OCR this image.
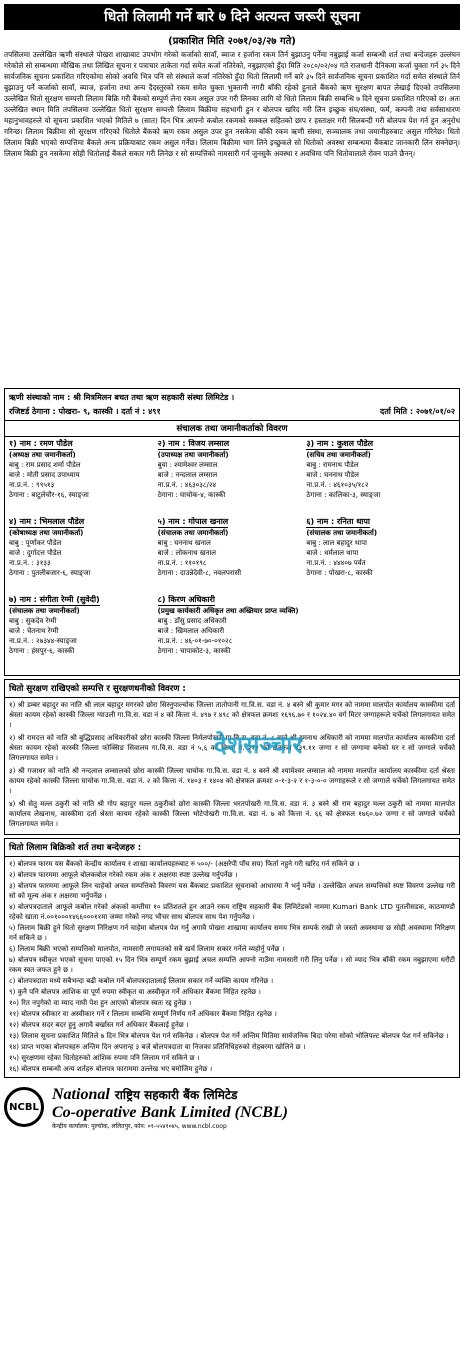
धितो लिलामी गर्ने बारे ७ दिने अत्यन्त जरूरी सूचना
(प्रकाशित मिति २०७१/०३/२७ गते)
तपसिलमा उल्लेखित ऋणी संस्थाले पोखरा शाखाबाट उपभोग गरेको कर्जाको सावाँ, ब्याज र हर्जाना रकम तिर्न बुझाउनु पर्नेमा नबुझाई कर्जा सम्बन्धी शर्त तथा बन्देजहरु उल्लंघन गरेकोले सो सम्बन्धमा मौखिक तथा लिखित सूचना र पत्राचार ताकेता गर्दा समेत कर्जा नतिरेको, नबुझाएको हुँदा मिति २०८०/०२/०४ गते राजधानी दैनिकमा कर्जा चुक्ता गर्न ३५ दिने सार्वजनिक सूचना प्रकाशित गरिएकोमा सोको अवधि भित्र पनि सो संस्थाले कर्जा नतिरेको हुँदा धितो लिलामी गर्ने बारे ३५ दिने सार्वजनिक सूचना प्रकाशित गर्दा समेत संस्थाले तिर्न बुझाउनु पर्ने कर्जाको सावाँ, ब्याज, हर्जाना तथा अन्य दैदस्तुरको रकम समेत चुक्ता भुक्तानी नगरी बाँकी रहेको हुनाले बैंकको ऋण सुरक्षण बापत लेखाई दिएको तपसिलमा उल्लेखित धितो सुरक्षण सम्पत्ती लिलाम बिक्रि गरी बैंकको सम्पूर्ण लेना रकम असुल उपर गरी लिनका लागि यो धितो लिलाम बिक्री सम्बन्धि ७ दिने सूचना प्रकाशित गरिएको छ। अतः उल्लेखित स्थान मिति तपसिलमा उल्लेखित धितो सुरक्षण सम्पत्ती लिलाम बिक्रीमा सहभागी हुन र बोलपत्र खरिद गरी लिन इच्छुक संघ/संस्था, फर्म, कम्पनी तथा सर्वसाधारण महानुभावहरुले यो सूचना प्रकाशित भएको मितिले ७ (सात) दिन भित्र आफ्नो कबोल रकमको सक्कल सहितको छाप र हस्ताक्षर गरी सिलबन्दी गरी बोलपत्र पेश गर्न हुन अनुरोध गरिन्छ। लिलाम बिक्रीमा सो सुरक्षण गरिएको धितोले बैंकको ऋण रकम असुल उपर हुन नसकेमा बाँकी रकम ऋणी संस्था, सञ्चालक तथा जमानीहरुबाट असुल गरिनेछ। धितो लिलाम बिक्री भएको सम्पत्तिमा बैंकले अन्य प्रक्रियाबाट रकम असुल गर्नेछ। लिलाम बिक्रीमा भाग लिने इच्छुकले सो धितोको अवस्था सम्बन्धमा बैंकबाट जानकारी लिन सक्नेछन्। लिलाम बिक्री हुन नसकेमा सोही धितोलाई बैंकले सकार गरी लिनेछ र सो सम्पत्तिको नामसारी गर्न जुनसुकै अवस्था र अवधिमा पनि धितोवालाले रोक्न पाउने छैनन्।
ऋणी संस्थाको नाम : श्री मित्रमिलन बचत तथा ऋण सहकारी संस्था लिमिटेड ।
रजिष्टर्ड ठेगाना : पोखरा- ९, कास्की । दर्ता नं : ४९१	दर्ता मिति : २०७१/०१/०२
संचालक तथा जमानीकर्ताको विवरण
१) नाम : रमण पौडेल
(अध्यक्ष तथा जमानीकर्ता)
बाबु : राम प्रसाद शर्मा पौडेल
बाजे : मोती प्रसाद उपाध्याय
ना.प्र.नं. : ९९५१३
ठेगाना : बाटुलेचौर-१६, स्याङ्जा
२) नाम : विजय लम्साल
(उपाध्यक्ष तथा जमानीकर्ता)
बुवा : श्यामेश्वर लम्साल
बाजे : नन्दलाल लम्साल
ना.प्र.नं. : ४६३०३८/२४
ठेगाना : घाचोक-४, कास्की
३) नाम : कुशल पौडेल
(सचिव तथा जमानीकर्ता)
बाबु : रामनाथ पौडेल
बाजे : घननाथ पौडेल
ना.प्र.नं. : ४६१०३५/१८२
ठेगाना : कालिका-३, स्याङ्जा
४) नाम : भिमलाल पौडेल
(कोषाध्यक्ष तथा जमानीकर्ता)
बाबु : पूर्णाकर पौडेल
बाजे : दुर्गादत्त पौडेल
ना.प्र.नं. : ३१३३
ठेगाना : पुतलीबजार-६, स्याङ्जा
५) नाम : गोपाल खनाल
(संचालक तथा जमानीकर्ता)
बाबु : घननाथ खनाल
बाजे : लोकनाथ खनाल
ना.प्र.नं. : ११०१९८
ठेगाना : दाउन्नेदेवी-८, नवलपरासी
६) नाम : रनिता थापा
(संचालक तथा जमानीकर्ता)
बाबु : लाल बहादुर थापा
बाजे : धर्मलाल थापा
ना.प्र.नं. : ४४४०७ पर्वत
ठेगाना : पोखरा-८, कास्की
७) नाम : संगीता रेग्मी (सुवेदी)
(संचालक तथा जमानीकर्ता)
बाबु : सुकदेव रेग्मी
बाजे : चेतनाथ रेग्मी
ना.प्र.नं. : २७३४४-स्याङ्जा
ठेगाना : हंसपुर-६, कास्की
८) किरण अधिकारी
(प्रमुख कार्यकारी अधिकृत तथा अख्तियार प्राप्त व्यक्ति)
बाबु : डाँसु प्रसाद अधिकारी
बाजे : खिमलाल अधिकारी
ना.प्र.नं. : ४६-०१-७०-०१०२८
ठेगाना : चापाकोट-३, कास्की
धितो सुरक्षण राखिएको सम्पत्ति र सुरक्षणधनीको विवरण :

१) श्री डम्बर बहादुर का नाति श्री लाल बहादुर मगरको छोरा सिस्नुपाल्चोक जिल्ला तातोपानी गा.वि.स. वडा नं. ४ बस्ने श्री कुमार मगर को नाममा मालपोत कार्यालय कास्कीमा दर्ता श्रेस्ता कायम रहेको कास्की जिल्ला ग्याउली गा.वि.स. वडा नं ४ को कित्ता नं. ४९७ र ४९८ को क्षेत्रफल क्रमशः १६९६.७० र १०२४.४० वर्ग मिटर जग्गाहरूले चर्चेको लिगलगायत समेत ।

२) श्री रामदत्त को नाति श्री बुद्धिप्रसाद अधिकारीको छोरा कास्की जिल्ला निर्मलपोखरी गा.वि.स. वडा नं. ८ बस्ने श्री हुमनाथ अधिकारी को नाममा मालपोत कार्यालय कास्कीमा दर्ता श्रेस्ता कायम रहेको कास्की जिल्ला फोक्सिङ सिवालय गा.वि.स. वडा नं ५,६ को कित्ता नं. २१२ को क्षेत्रफल ४३९.११ जग्गा र सो जग्गामा बनेको घर र सो जग्गाले चर्चेको लिगलगायत समेत ।

३) श्री गजाधर को नाति श्री नन्दलाल लम्सालको छोरा कास्की जिल्ला घाचोक गा.वि.स. वडा नं. ४ बस्ने श्री श्यामेश्वर लम्साल को नाममा मालपोत कार्यालय कास्कीमा दर्ता श्रेस्ता कायम रहेको कास्की जिल्ला घाचोक गा.वि.स. वडा नं. २ को कित्ता नं. १४०३ र १४०४ को क्षेत्रफल क्रमशः ०-१-३-२ र १-३-०-० जग्गाहरूले र सो जग्गाले चर्चेको लिगलगायत समेत ।

४) श्री सेतु मल्ल ठकुरी को नाति श्री गोप बहादुर मल्ल ठकुरीको छोरा कास्की जिल्ला भरतपोखरी गा.वि.स. वडा नं. ३ बस्ने श्री राम बहादुर मल्ल ठकुरी को नाममा मालपोत कार्यालय लेखनाथ, कास्कीमा दर्ता श्रेस्ता कायम रहेको कास्की जिल्ला भोटेपोखरी गा.वि.स. वडा नं. ७ को कित्ता नं. ६६ को क्षेत्रफल १७६०.७२ जग्गा र सो जग्गाले चर्चेको लिगलगायत समेत ।

धितो लिलाम बिक्रिको शर्त तथा बन्देजहरु :

१) बोलपत्र फारम यस बैंकको केन्द्रीय कार्यालय र शाखा कार्यालयहरुबाट रु ५००/- (अक्षरेपी पाँच सय) फिर्ता नहुने गरी खरिद गर्न सकिने छ ।

२) बोलपत्र फारममा आफूले बोलकबोल गरेको रकम अंक र अक्षरमा स्पष्ट उल्लेख गर्नुपर्नेछ ।

३) बोलपत्र फारममा आफूले लिन चाहेको अचल सम्पत्तिको विवरण यस बैंकबाट प्रकाशित सूचनाको आधारमा नै भर्नु पर्नेछ । उल्लेखित अचल सम्पत्तिको स्पष्ट विवरण उल्लेख गरी सो को मूल्य अंक र अक्षरमा भर्नुपर्नेछ ।

४) बोलपत्रदाताले आफूले कबोल गरेको अंकको कम्तीमा १० प्रतिशतले हुन आउने रकम राष्ट्रिय सहकारी बैंक लिमिटेडको नाममा Kumari Bank LTD पुतलीसडक, काठमाण्डौ रहेको खाता नं.००१०००१४६६०००११मा जम्मा गरेको नगद भौचर साथ बोलपत्र साथ पेश गर्नुपर्नेछ ।

५) लिलाम बिक्री हुने धितो सुरक्षण निरिक्षण गर्न चाहेमा बोलपत्र पेश गर्नु अगावै पोखरा शाखामा कार्यालय समय भित्र सम्पर्क राखी जे जस्तो अवस्थामा छ सोही अवस्थामा निरिक्षण गर्न सकिने छ ।

६) लिलाम बिक्री भएको सम्पत्तिको मालपोत, नामसारी लगायतको सबै खर्च लिलाम सकार गर्नेले व्यहोर्नु पर्नेछ ।

७) बोलपत्र स्वीकृत भएको सूचना पाएको १५ दिन भित्र सम्पूर्ण रकम बुझाई अचल सम्पत्ति आफ्नो नाउँमा नामसारी गरी लिनु पर्नेछ । सो म्याद भित्र बाँकी रकम नबुझाएमा धरौटी रकम स्वत जफत हुने छ ।

८) बोलपत्रदाता मध्ये सबैभन्दा बढी कबोल गर्ने बोलपत्रदातालाई लिलाम सकार गर्ने व्यक्ति कायम गरिनेछ ।

९) कुनै पनि बोलपत्र आंशिक वा पूर्ण रुपमा स्वीकृत वा अस्वीकृत गर्ने अधिकार बैंकमा निहित रहनेछ ।

१०) रित नपुगेको वा म्याद नाघी पेश हुन आएको बोलपत्र स्वतः रद्द हुनेछ ।

११) बोलपत्र स्वीकार वा अस्वीकार गर्ने र लिलाम सम्बन्धि सम्पूर्ण निर्णय गर्ने अधिकार बैंकमा निहित रहनेछ ।

१२) बोलपत्र सदर बदर हुनु अगावै बर्खास्त गर्न अधिकार बैंकलाई हुनेछ ।

१३) लिलाम सूचना प्रकाशित मितिले ७ दिन भित्र बोलपत्र पेश गर्न सकिनेछ । बोलपत्र पेश गर्ने अन्तिम मितिमा सार्वजनिक बिदा परेमा सोको भोलिपल्ट बोलपत्र पेश गर्न सकिनेछ ।

१४) प्राप्त भएका बोलपत्रहरु अन्तिम दिन अपरान्ह ३ बजे बोलपत्रदाता वा निजका प्रतिनिधिहरुको रोहबरमा खोलिने छ ।

१५) सुरक्षणमा रहेका धितोहरुको आंशिक रुपमा पनि लिलाम गर्न सकिने छ ।

१६) बोलपत्र सम्बन्धी अन्य शर्तहरु बोलपत्र फाराममा उल्लेख भए बमोजिम हुनेछ ।

NCBL
National राष्ट्रिय सहकारी बैंक लिमिटेड
Co-operative Bank Limited (NCBL)
केन्द्रीय कार्यालय: पुल्चोक, ललितपुर, फोन: ०१-५५४१०४५, www.ncbl.coop
देशसञ्चार
